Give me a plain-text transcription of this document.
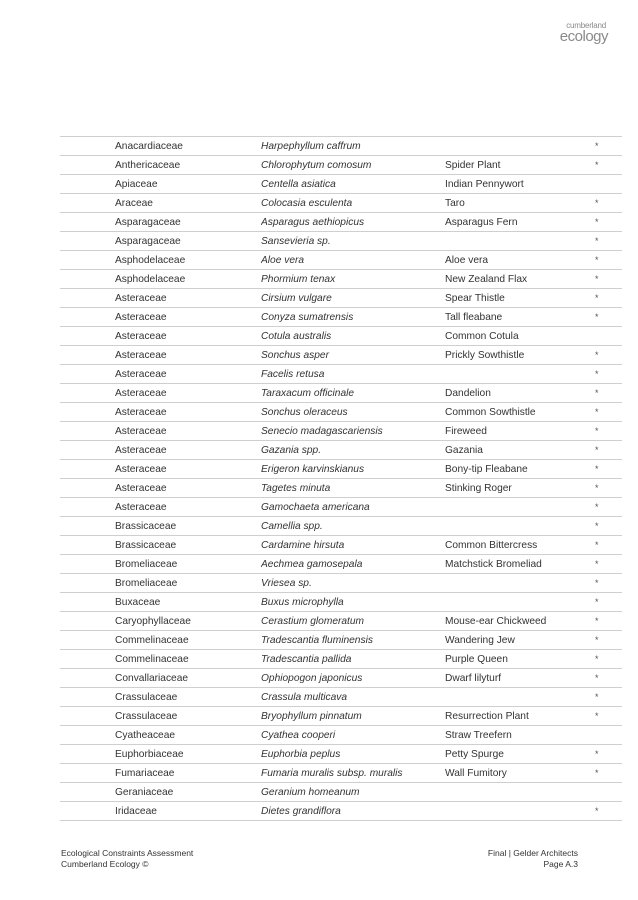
cumberland
ecology
	Anacardiaceae	Harpephyllum caffrum		*
	Anthericaceae	Chlorophytum comosum	Spider Plant	*
	Apiaceae	Centella asiatica	Indian Pennywort	
	Araceae	Colocasia esculenta	Taro	*
	Asparagaceae	Asparagus aethiopicus	Asparagus Fern	*
	Asparagaceae	Sansevieria sp.		*
	Asphodelaceae	Aloe vera	Aloe vera	*
	Asphodelaceae	Phormium tenax	New Zealand Flax	*
	Asteraceae	Cirsium vulgare	Spear Thistle	*
	Asteraceae	Conyza sumatrensis	Tall fleabane	*
	Asteraceae	Cotula australis	Common Cotula	
	Asteraceae	Sonchus asper	Prickly Sowthistle	*
	Asteraceae	Facelis retusa		*
	Asteraceae	Taraxacum officinale	Dandelion	*
	Asteraceae	Sonchus oleraceus	Common Sowthistle	*
	Asteraceae	Senecio madagascariensis	Fireweed	*
	Asteraceae	Gazania spp.	Gazania	*
	Asteraceae	Erigeron karvinskianus	Bony-tip Fleabane	*
	Asteraceae	Tagetes minuta	Stinking Roger	*
	Asteraceae	Gamochaeta americana		*
	Brassicaceae	Camellia spp.		*
	Brassicaceae	Cardamine hirsuta	Common Bittercress	*
	Bromeliaceae	Aechmea gamosepala	Matchstick Bromeliad	*
	Bromeliaceae	Vriesea sp.		*
	Buxaceae	Buxus microphylla		*
	Caryophyllaceae	Cerastium glomeratum	Mouse-ear Chickweed	*
	Commelinaceae	Tradescantia fluminensis	Wandering Jew	*
	Commelinaceae	Tradescantia pallida	Purple Queen	*
	Convallariaceae	Ophiopogon japonicus	Dwarf lilyturf	*
	Crassulaceae	Crassula multicava		*
	Crassulaceae	Bryophyllum pinnatum	Resurrection Plant	*
	Cyatheaceae	Cyathea cooperi	Straw Treefern	
	Euphorbiaceae	Euphorbia peplus	Petty Spurge	*
	Fumariaceae	Fumaria muralis subsp. muralis	Wall Fumitory	*
	Geraniaceae	Geranium homeanum		
	Iridaceae	Dietes grandiflora		*
Ecological Constraints Assessment
Cumberland Ecology ©
Final | Gelder Architects
Page A.3
